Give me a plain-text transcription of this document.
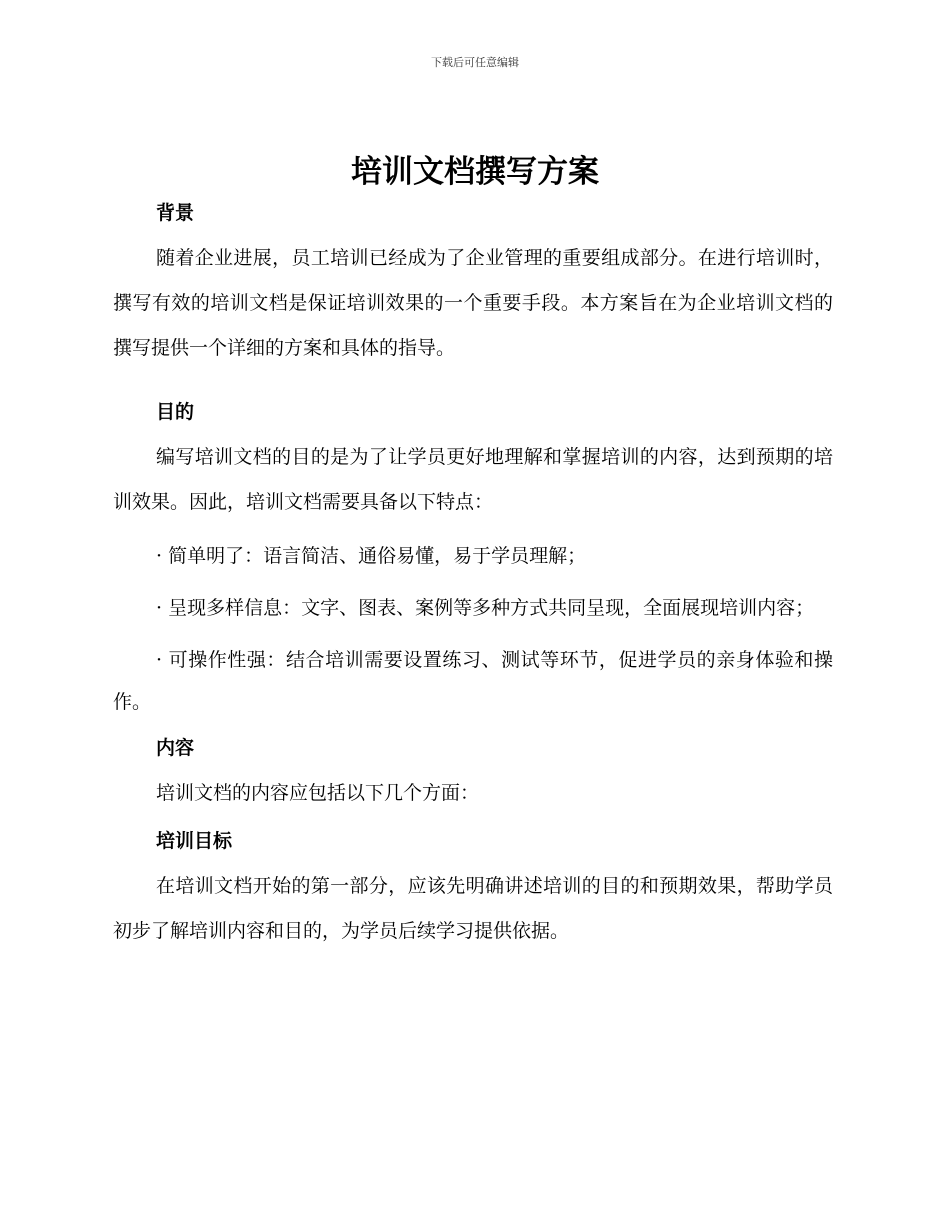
下载后可任意编辑
培训文档撰写方案
背景

随着企业进展，员工培训已经成为了企业管理的重要组成部分。在进行培训时，撰写有效的培训文档是保证培训效果的一个重要手段。本方案旨在为企业培训文档的撰写提供一个详细的方案和具体的指导。

目的

编写培训文档的目的是为了让学员更好地理解和掌握培训的内容，达到预期的培训效果。因此，培训文档需要具备以下特点：

· 简单明了：语言简洁、通俗易懂，易于学员理解；

· 呈现多样信息：文字、图表、案例等多种方式共同呈现，全面展现培训内容；

· 可操作性强：结合培训需要设置练习、测试等环节，促进学员的亲身体验和操作。

内容

培训文档的内容应包括以下几个方面：

培训目标

在培训文档开始的第一部分，应该先明确讲述培训的目的和预期效果，帮助学员初步了解培训内容和目的，为学员后续学习提供依据。
